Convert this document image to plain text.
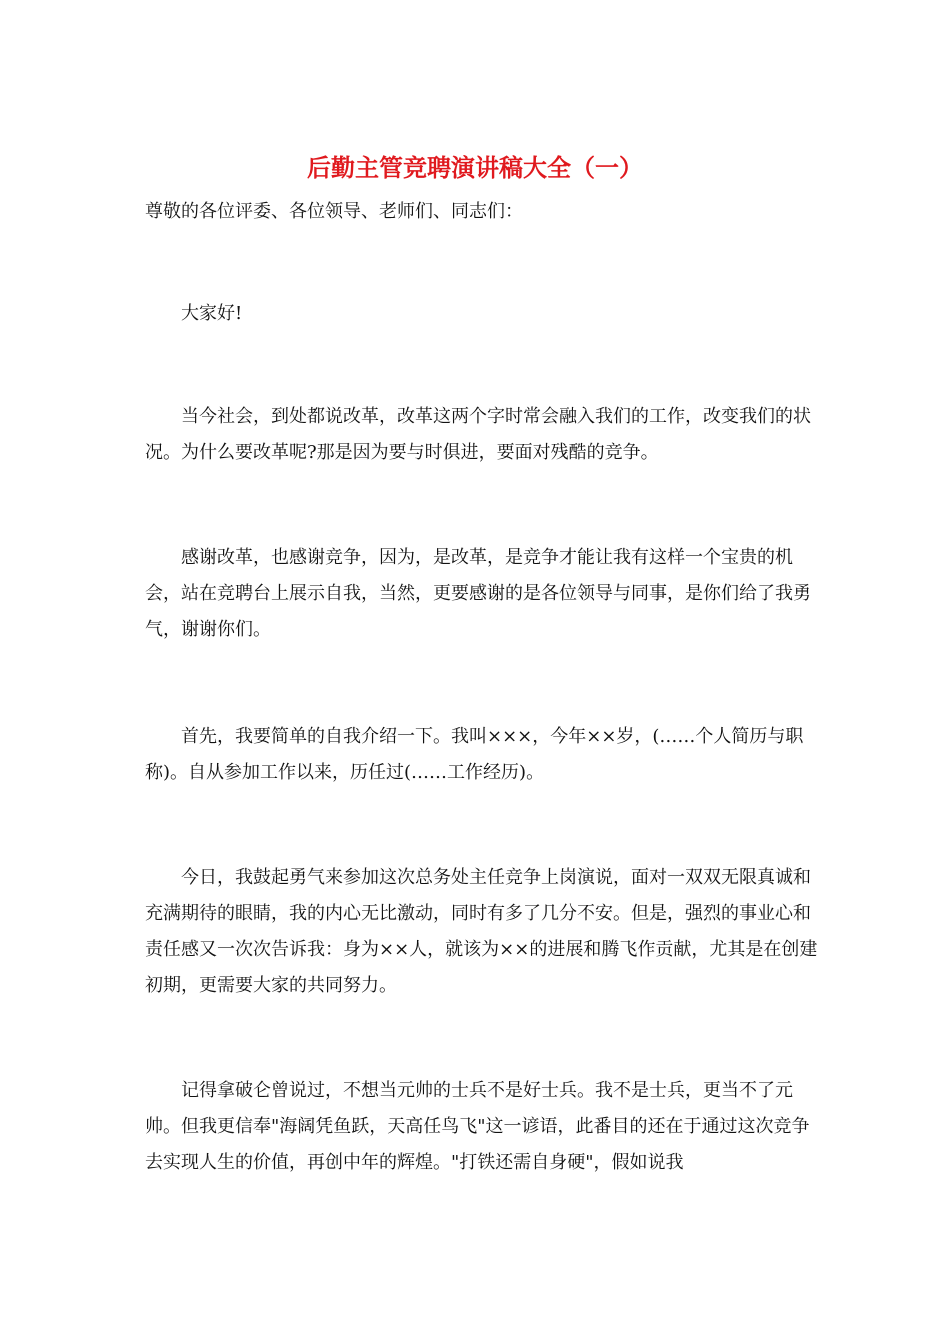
后勤主管竞聘演讲稿大全（一）

尊敬的各位评委、各位领导、老师们、同志们：

大家好!

当今社会，到处都说改革，改革这两个字时常会融入我们的工作，改变我们的状况。为什么要改革呢?那是因为要与时俱进，要面对残酷的竞争。

感谢改革，也感谢竞争，因为，是改革，是竞争才能让我有这样一个宝贵的机会，站在竞聘台上展示自我，当然，更要感谢的是各位领导与同事，是你们给了我勇气，谢谢你们。

首先，我要简单的自我介绍一下。我叫×××，今年××岁，(……个人简历与职称)。自从参加工作以来，历任过(……工作经历)。

今日，我鼓起勇气来参加这次总务处主任竞争上岗演说，面对一双双无限真诚和充满期待的眼睛，我的内心无比激动，同时有多了几分不安。但是，强烈的事业心和责任感又一次次告诉我：身为××人，就该为××的进展和腾飞作贡献，尤其是在创建初期，更需要大家的共同努力。

记得拿破仑曾说过，不想当元帅的士兵不是好士兵。我不是士兵，更当不了元帅。但我更信奉"海阔凭鱼跃，天高任鸟飞"这一谚语，此番目的还在于通过这次竞争去实现人生的价值，再创中年的辉煌。"打铁还需自身硬"，假如说我
